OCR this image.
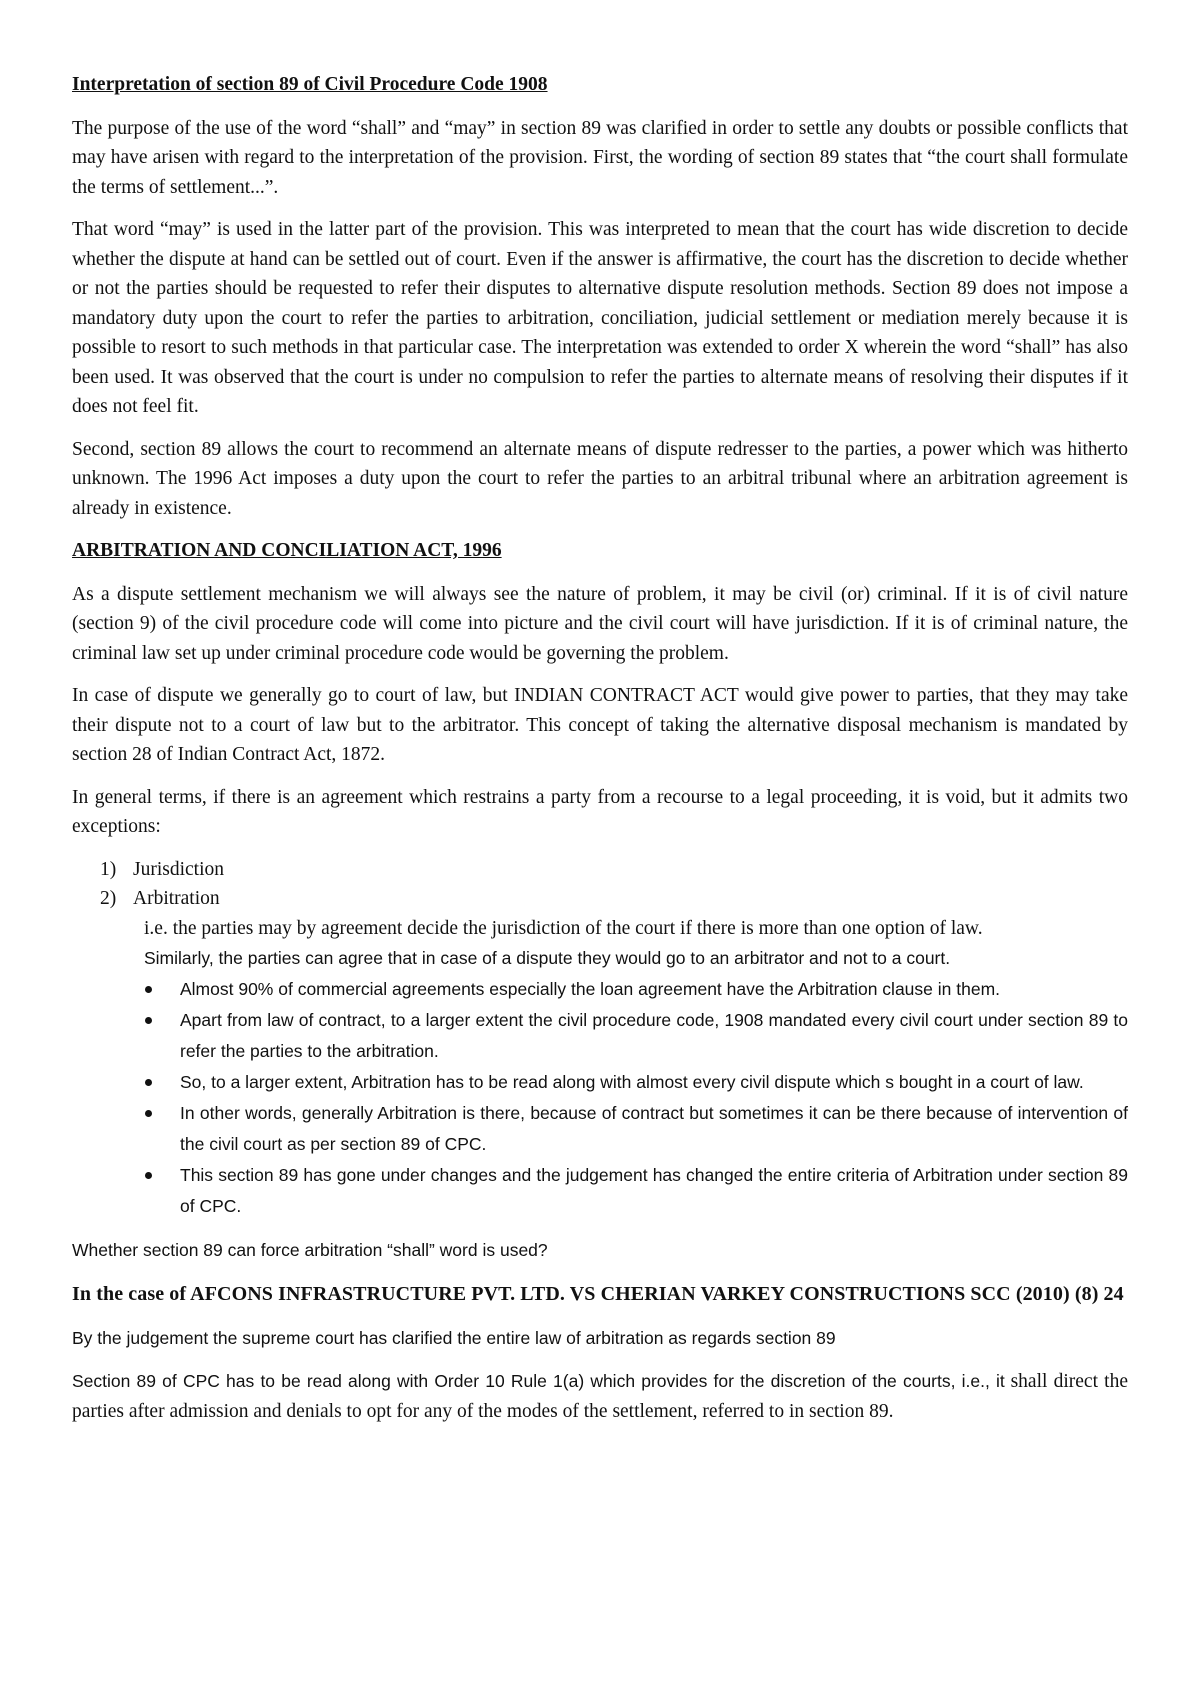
Interpretation of section 89 of Civil Procedure Code 1908

The purpose of the use of the word “shall” and “may” in section 89 was clarified in order to settle any doubts or possible conflicts that may have arisen with regard to the interpretation of the provision. First, the wording of section 89 states that “the court shall formulate the terms of settlement...”.

That word “may” is used in the latter part of the provision. This was interpreted to mean that the court has wide discretion to decide whether the dispute at hand can be settled out of court. Even if the answer is affirmative, the court has the discretion to decide whether or not the parties should be requested to refer their disputes to alternative dispute resolution methods. Section 89 does not impose a mandatory duty upon the court to refer the parties to arbitration, conciliation, judicial settlement or mediation merely because it is possible to resort to such methods in that particular case. The interpretation was extended to order X wherein the word “shall” has also been used. It was observed that the court is under no compulsion to refer the parties to alternate means of resolving their disputes if it does not feel fit.

Second, section 89 allows the court to recommend an alternate means of dispute redresser to the parties, a power which was hitherto unknown. The 1996 Act imposes a duty upon the court to refer the parties to an arbitral tribunal where an arbitration agreement is already in existence.

ARBITRATION AND CONCILIATION ACT, 1996

As a dispute settlement mechanism we will always see the nature of problem, it may be civil (or) criminal. If it is of civil nature (section 9) of the civil procedure code will come into picture and the civil court will have jurisdiction. If it is of criminal nature, the criminal law set up under criminal procedure code would be governing the problem.

In case of dispute we generally go to court of law, but INDIAN CONTRACT ACT would give power to parties, that they may take their dispute not to a court of law but to the arbitrator. This concept of taking the alternative disposal mechanism is mandated by section 28 of Indian Contract Act, 1872.

In general terms, if there is an agreement which restrains a party from a recourse to a legal proceeding, it is void, but it admits two exceptions:

1) Jurisdiction
2) Arbitration

i.e. the parties may by agreement decide the jurisdiction of the court if there is more than one option of law.

Similarly, the parties can agree that in case of a dispute they would go to an arbitrator and not to a court.

Almost 90% of commercial agreements especially the loan agreement have the Arbitration clause in them.
Apart from law of contract, to a larger extent the civil procedure code, 1908 mandated every civil court under section 89 to refer the parties to the arbitration.
So, to a larger extent, Arbitration has to be read along with almost every civil dispute which s bought in a court of law.
In other words, generally Arbitration is there, because of contract but sometimes it can be there because of intervention of the civil court as per section 89 of CPC.
This section 89 has gone under changes and the judgement has changed the entire criteria of Arbitration under section 89 of CPC.

Whether section 89 can force arbitration “shall” word is used?

In the case of AFCONS INFRASTRUCTURE PVT. LTD. VS CHERIAN VARKEY CONSTRUCTIONS SCC (2010) (8) 24

By the judgement the supreme court has clarified the entire law of arbitration as regards section 89

Section 89 of CPC has to be read along with Order 10 Rule 1(a) which provides for the discretion of the courts, i.e., it shall direct the parties after admission and denials to opt for any of the modes of the settlement, referred to in section 89.
